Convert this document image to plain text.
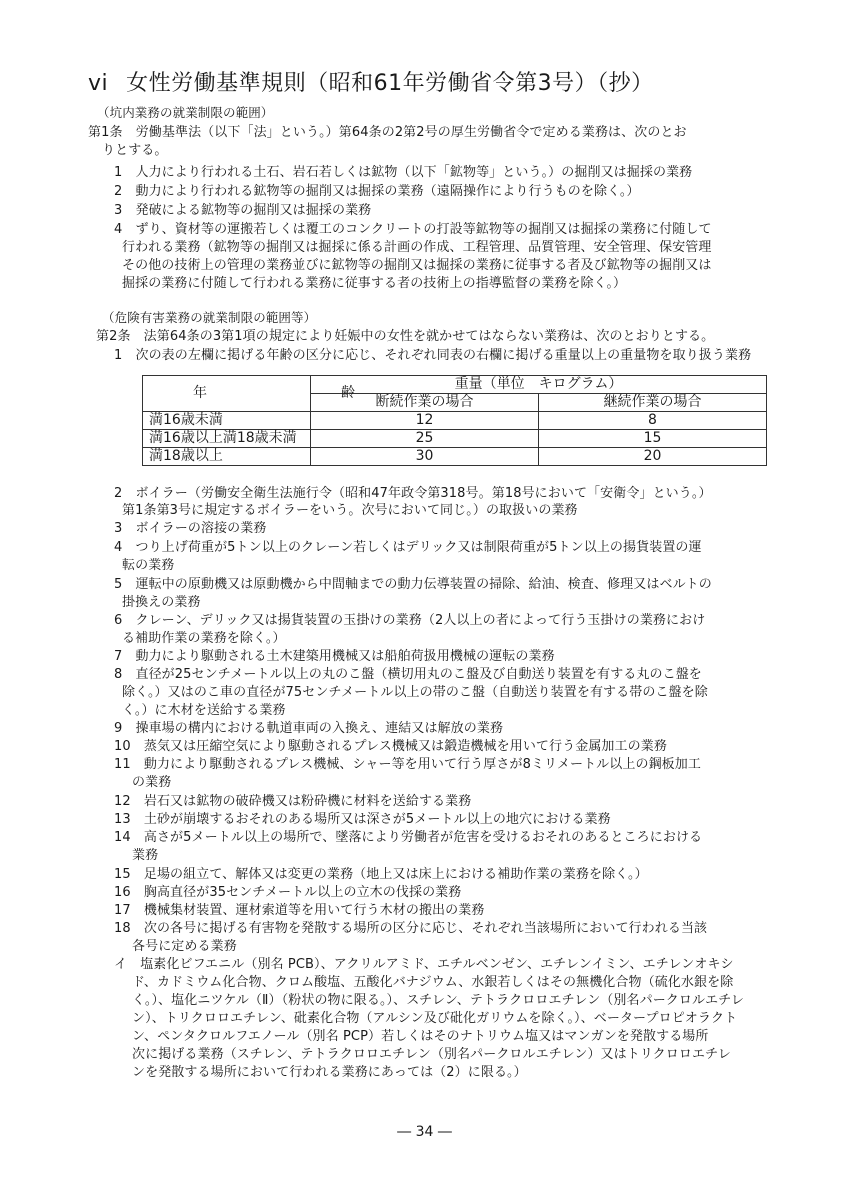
vi 女性労働基準規則（昭和61年労働省令第3号）（抄）
（坑内業務の就業制限の範囲）
第1条　労働基準法（以下「法」という。）第64条の2第2号の厚生労働省令で定める業務は、次のとお
りとする。
1　人力により行われる土石、岩石若しくは鉱物（以下「鉱物等」という。）の掘削又は掘採の業務
2　動力により行われる鉱物等の掘削又は掘採の業務（遠隔操作により行うものを除く。）
3　発破による鉱物等の掘削又は掘採の業務
4　ずり、資材等の運搬若しくは覆工のコンクリートの打設等鉱物等の掘削又は掘採の業務に付随して
行われる業務（鉱物等の掘削又は掘採に係る計画の作成、工程管理、品質管理、安全管理、保安管理
その他の技術上の管理の業務並びに鉱物等の掘削又は掘採の業務に従事する者及び鉱物等の掘削又は
掘採の業務に付随して行われる業務に従事する者の技術上の指導監督の業務を除く。）
（危険有害業務の就業制限の範囲等）
第2条　法第64条の3第1項の規定により妊娠中の女性を就かせてはならない業務は、次のとおりとする。
1　次の表の左欄に掲げる年齢の区分に応じ、それぞれ同表の右欄に掲げる重量以上の重量物を取り扱う業務
年　齢	重量（単位　キログラム）	
	断続作業の場合	継続作業の場合
満16歳未満	12	8
満16歳以上満18歳未満	25	15
満18歳以上	30	20
2　ボイラー（労働安全衛生法施行令（昭和47年政令第318号。第18号において「安衛令」という。）
第1条第3号に規定するボイラーをいう。次号において同じ。）の取扱いの業務
3　ボイラーの溶接の業務
4　つり上げ荷重が5トン以上のクレーン若しくはデリック又は制限荷重が5トン以上の揚貨装置の運
転の業務
5　運転中の原動機又は原動機から中間軸までの動力伝導装置の掃除、給油、検査、修理又はベルトの
掛換えの業務
6　クレーン、デリック又は揚貨装置の玉掛けの業務（2人以上の者によって行う玉掛けの業務におけ
る補助作業の業務を除く。）
7　動力により駆動される土木建築用機械又は船舶荷扱用機械の運転の業務
8　直径が25センチメートル以上の丸のこ盤（横切用丸のこ盤及び自動送り装置を有する丸のこ盤を
除く。）又はのこ車の直径が75センチメートル以上の帯のこ盤（自動送り装置を有する帯のこ盤を除
く。）に木材を送給する業務
9　操車場の構内における軌道車両の入換え、連結又は解放の業務
10　蒸気又は圧縮空気により駆動されるプレス機械又は鍛造機械を用いて行う金属加工の業務
11　動力により駆動されるプレス機械、シャー等を用いて行う厚さが8ミリメートル以上の鋼板加工
の業務
12　岩石又は鉱物の破砕機又は粉砕機に材料を送給する業務
13　土砂が崩壊するおそれのある場所又は深さが5メートル以上の地穴における業務
14　高さが5メートル以上の場所で、墜落により労働者が危害を受けるおそれのあるところにおける
業務
15　足場の組立て、解体又は変更の業務（地上又は床上における補助作業の業務を除く。）
16　胸高直径が35センチメートル以上の立木の伐採の業務
17　機械集材装置、運材索道等を用いて行う木材の搬出の業務
18　次の各号に掲げる有害物を発散する場所の区分に応じ、それぞれ当該場所において行われる当該
各号に定める業務
イ　塩素化ビフエニル（別名 PCB）、アクリルアミド、エチルベンゼン、エチレンイミン、エチレンオキシ
ド、カドミウム化合物、クロム酸塩、五酸化バナジウム、水銀若しくはその無機化合物（硫化水銀を除
く。）、塩化ニツケル（Ⅱ）（粉状の物に限る。）、スチレン、テトラクロロエチレン（別名パークロルエチレ
ン）、トリクロロエチレン、砒素化合物（アルシン及び砒化ガリウムを除く。）、ベータープロピオラクト
ン、ペンタクロルフエノール（別名 PCP）若しくはそのナトリウム塩又はマンガンを発散する場所
次に掲げる業務（スチレン、テトラクロロエチレン（別名パークロルエチレン）又はトリクロロエチレ
ンを発散する場所において行われる業務にあっては（2）に限る。）
― 34 ―
